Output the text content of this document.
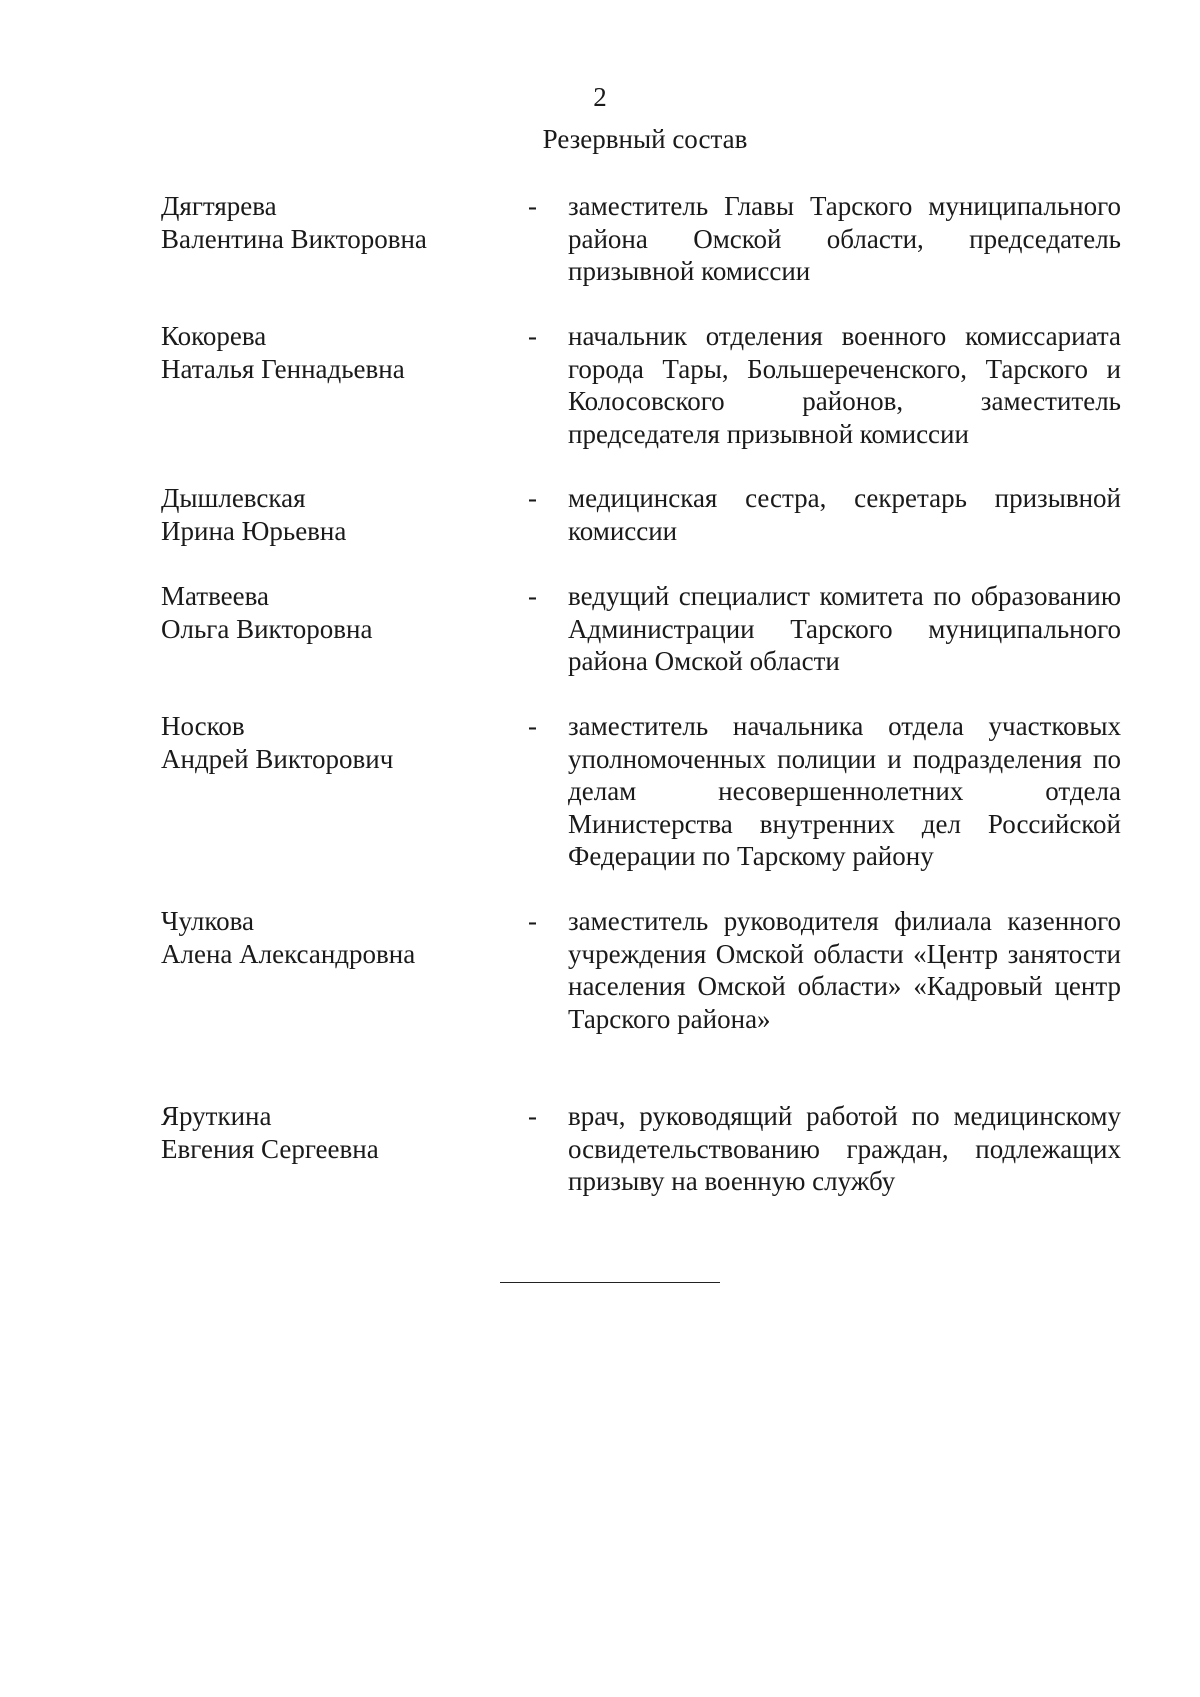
2
Резервный состав
Дягтярева
Валентина Викторовна
- заместитель Главы Тарского муниципального района Омской области, председатель призывной комиссии
Кокорева
Наталья Геннадьевна
- начальник отделения военного комиссариата города Тары, Большереченского, Тарского и Колосовского районов, заместитель председателя призывной комиссии
Дышлевская
Ирина Юрьевна
- медицинская сестра, секретарь призывной комиссии
Матвеева
Ольга Викторовна
- ведущий специалист комитета по образованию Администрации Тарского муниципального района Омской области
Носков
Андрей Викторович
- заместитель начальника отдела участковых уполномоченных полиции и подразделения по делам несовершеннолетних отдела Министерства внутренних дел Российской Федерации по Тарскому району
Чулкова
Алена Александровна
- заместитель руководителя филиала казенного учреждения Омской области «Центр занятости населения Омской области» «Кадровый центр Тарского района»
Яруткина
Евгения Сергеевна
- врач, руководящий работой по медицинскому освидетельствованию граждан, подлежащих призыву на военную службу
